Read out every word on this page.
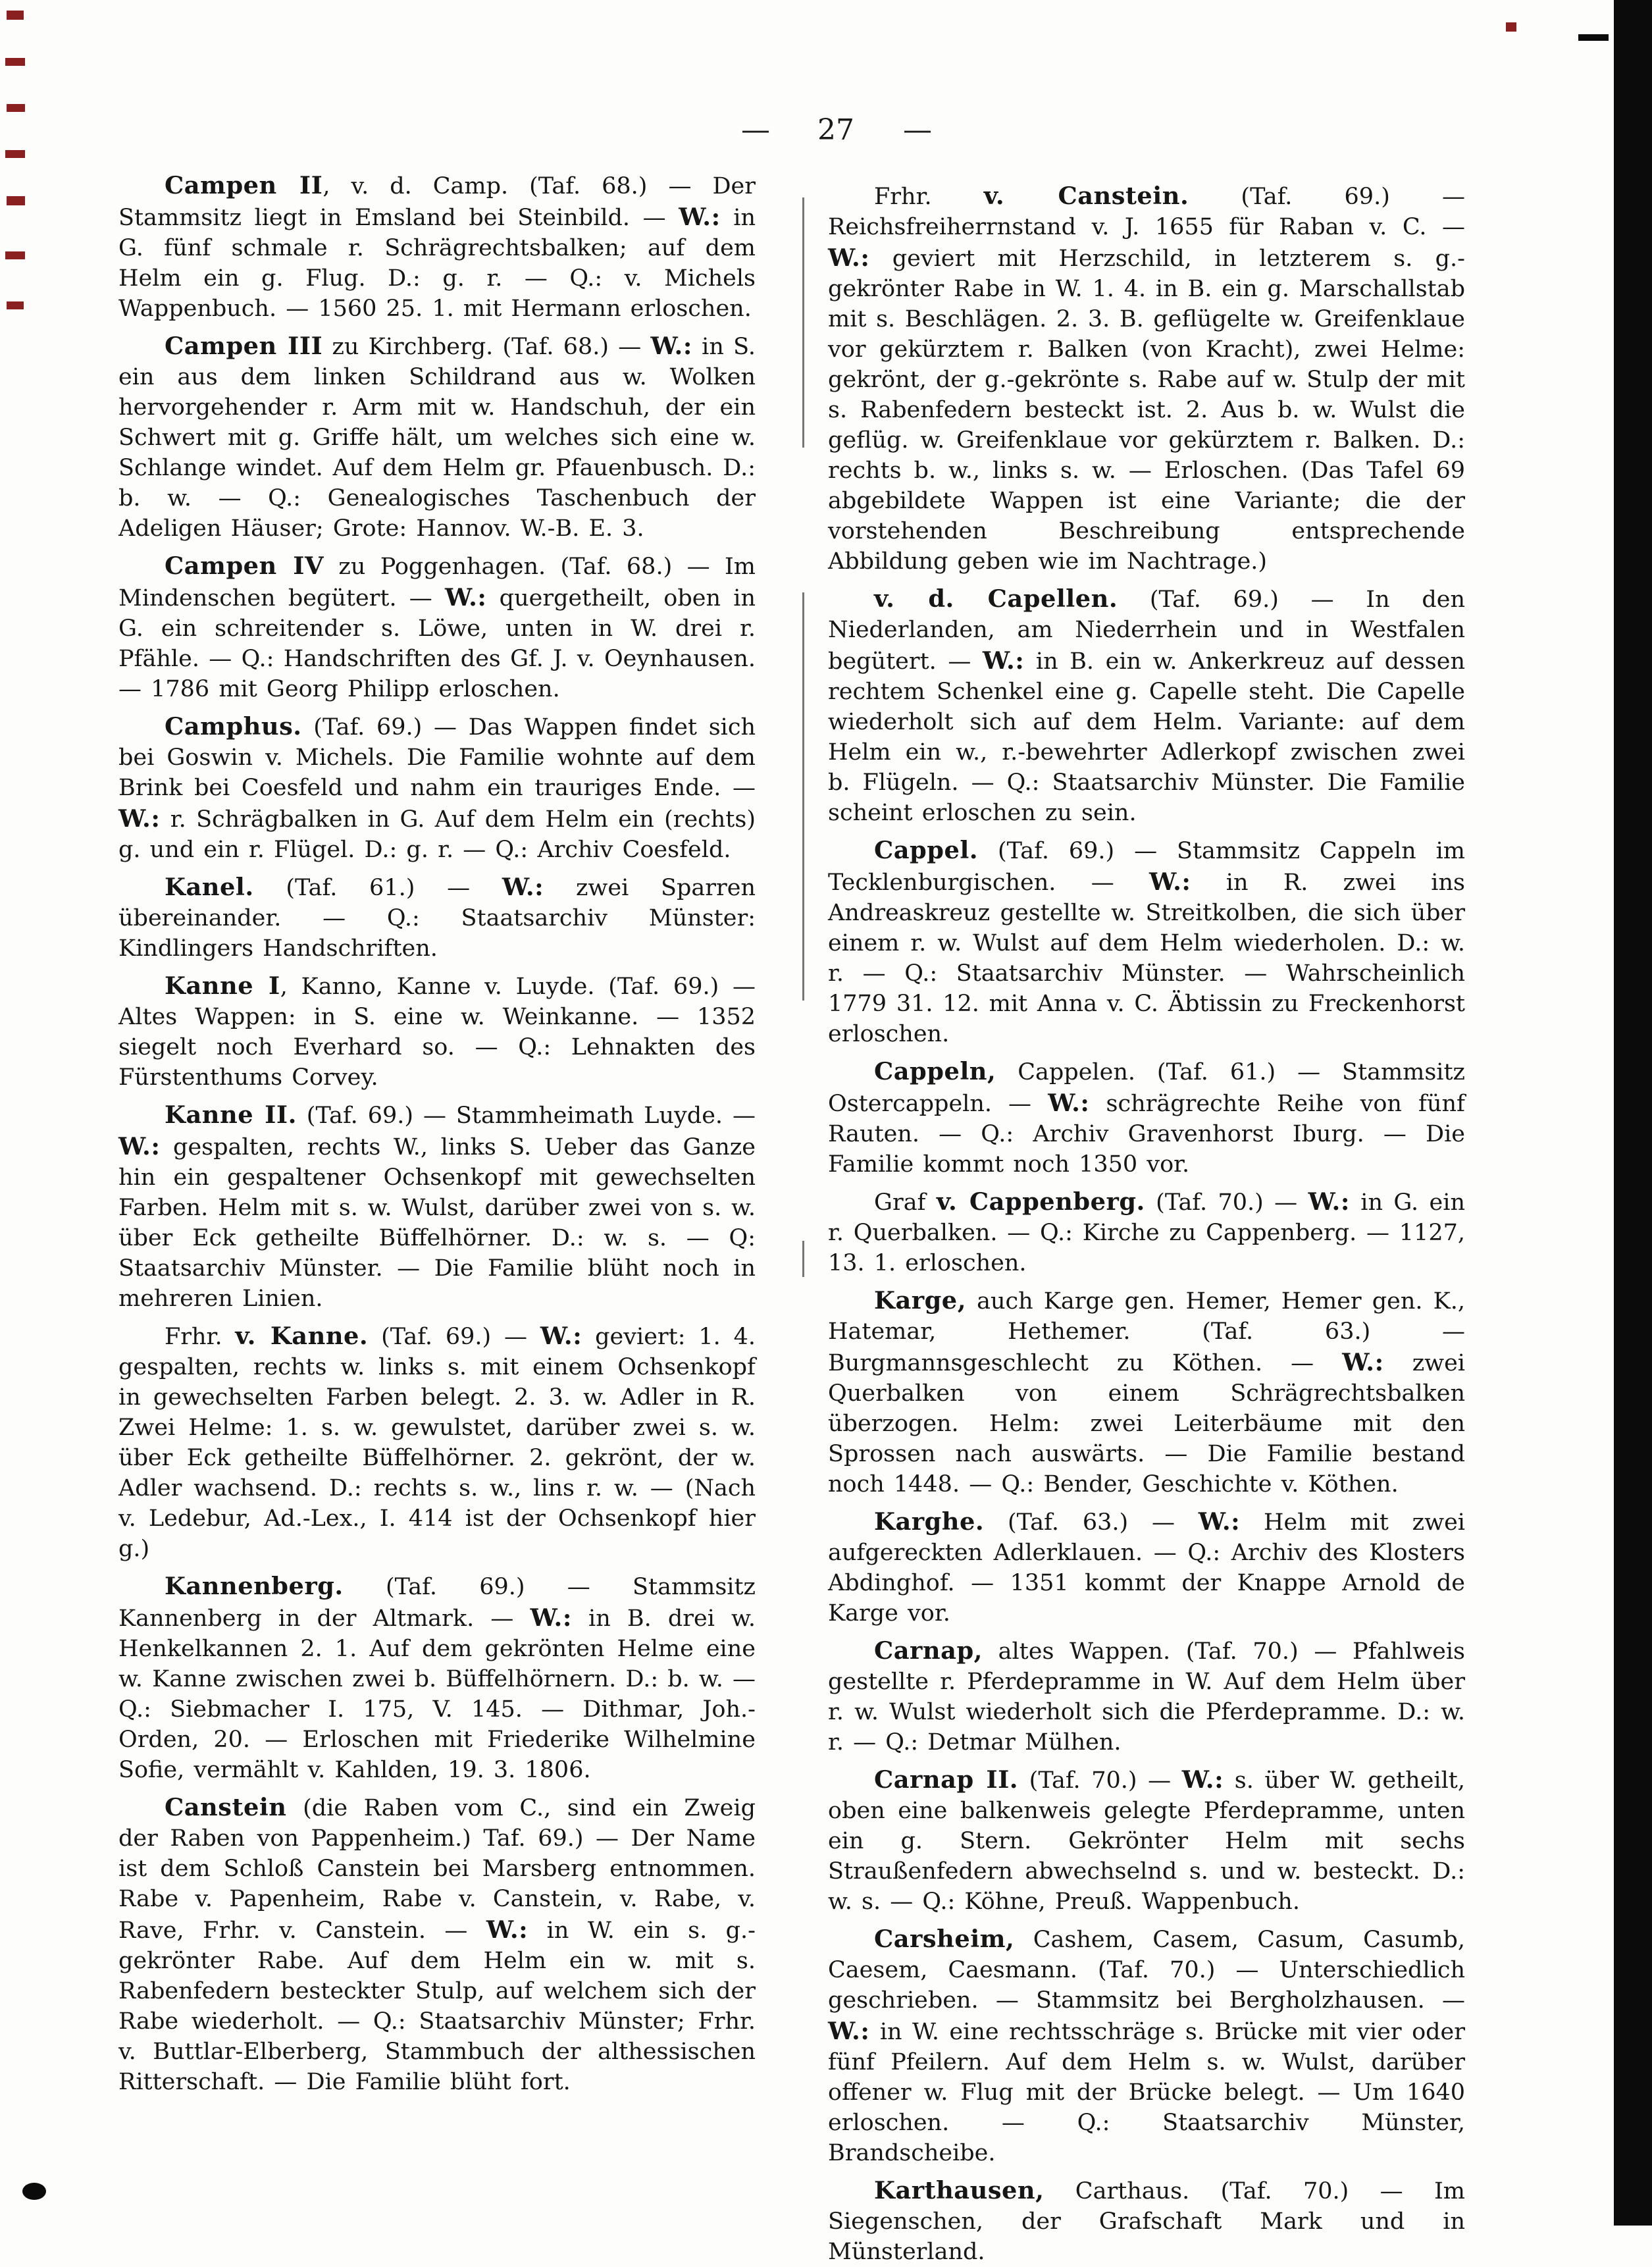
— 27 —

Campen II, v. d. Camp. (Taf. 68.) — Der Stammsitz liegt in Emsland bei Steinbild. — W.: in G. fünf schmale r. Schrägrechtsbalken; auf dem Helm ein g. Flug. D.: g. r. — Q.: v. Michels Wappenbuch. — 1560 25. 1. mit Hermann erloschen.

Campen III zu Kirchberg. (Taf. 68.) — W.: in S. ein aus dem linken Schildrand aus w. Wolken hervorgehender r. Arm mit w. Handschuh, der ein Schwert mit g. Griffe hält, um welches sich eine w. Schlange windet. Auf dem Helm gr. Pfauenbusch. D.: b. w. — Q.: Genealogisches Taschenbuch der Adeligen Häuser; Grote: Hannov. W.-B. E. 3.

Campen IV zu Poggenhagen. (Taf. 68.) — Im Mindenschen begütert. — W.: quergetheilt, oben in G. ein schreitender s. Löwe, unten in W. drei r. Pfähle. — Q.: Handschriften des Gf. J. v. Oeynhausen. — 1786 mit Georg Philipp erloschen.

Camphus. (Taf. 69.) — Das Wappen findet sich bei Goswin v. Michels. Die Familie wohnte auf dem Brink bei Coesfeld und nahm ein trauriges Ende. — W.: r. Schrägbalken in G. Auf dem Helm ein (rechts) g. und ein r. Flügel. D.: g. r. — Q.: Archiv Coesfeld.

Kanel. (Taf. 61.) — W.: zwei Sparren übereinander. — Q.: Staatsarchiv Münster: Kindlingers Handschriften.

Kanne I, Kanno, Kanne v. Luyde. (Taf. 69.) — Altes Wappen: in S. eine w. Weinkanne. — 1352 siegelt noch Everhard so. — Q.: Lehnakten des Fürstenthums Corvey.

Kanne II. (Taf. 69.) — Stammheimath Luyde. — W.: gespalten, rechts W., links S. Ueber das Ganze hin ein gespaltener Ochsenkopf mit gewechselten Farben. Helm mit s. w. Wulst, darüber zwei von s. w. über Eck getheilte Büffelhörner. D.: w. s. — Q: Staatsarchiv Münster. — Die Familie blüht noch in mehreren Linien.

Frhr. v. Kanne. (Taf. 69.) — W.: geviert: 1. 4. gespalten, rechts w. links s. mit einem Ochsenkopf in gewechselten Farben belegt. 2. 3. w. Adler in R. Zwei Helme: 1. s. w. gewulstet, darüber zwei s. w. über Eck getheilte Büffelhörner. 2. gekrönt, der w. Adler wachsend. D.: rechts s. w., lins r. w. — (Nach v. Ledebur, Ad.-Lex., I. 414 ist der Ochsenkopf hier g.)

Kannenberg. (Taf. 69.) — Stammsitz Kannenberg in der Altmark. — W.: in B. drei w. Henkelkannen 2. 1. Auf dem gekrönten Helme eine w. Kanne zwischen zwei b. Büffelhörnern. D.: b. w. — Q.: Siebmacher I. 175, V. 145. — Dithmar, Joh.-Orden, 20. — Erloschen mit Friederike Wilhelmine Sofie, vermählt v. Kahlden, 19. 3. 1806.

Canstein (die Raben vom C., sind ein Zweig der Raben von Pappenheim.) Taf. 69.) — Der Name ist dem Schloß Canstein bei Marsberg entnommen. Rabe v. Papenheim, Rabe v. Canstein, v. Rabe, v. Rave, Frhr. v. Canstein. — W.: in W. ein s. g.-gekrönter Rabe. Auf dem Helm ein w. mit s. Rabenfedern besteckter Stulp, auf welchem sich der Rabe wiederholt. — Q.: Staatsarchiv Münster; Frhr. v. Buttlar-Elberberg, Stammbuch der althessischen Ritterschaft. — Die Familie blüht fort.

Frhr. v. Canstein. (Taf. 69.) — Reichsfreiherrnstand v. J. 1655 für Raban v. C. — W.: geviert mit Herzschild, in letzterem s. g.-gekrönter Rabe in W. 1. 4. in B. ein g. Marschallstab mit s. Beschlägen. 2. 3. B. geflügelte w. Greifenklaue vor gekürztem r. Balken (von Kracht), zwei Helme: gekrönt, der g.-gekrönte s. Rabe auf w. Stulp der mit s. Rabenfedern besteckt ist. 2. Aus b. w. Wulst die geflüg. w. Greifenklaue vor gekürztem r. Balken. D.: rechts b. w., links s. w. — Erloschen. (Das Tafel 69 abgebildete Wappen ist eine Variante; die der vorstehenden Beschreibung entsprechende Abbildung geben wie im Nachtrage.)

v. d. Capellen. (Taf. 69.) — In den Niederlanden, am Niederrhein und in Westfalen begütert. — W.: in B. ein w. Ankerkreuz auf dessen rechtem Schenkel eine g. Capelle steht. Die Capelle wiederholt sich auf dem Helm. Variante: auf dem Helm ein w., r.-bewehrter Adlerkopf zwischen zwei b. Flügeln. — Q.: Staatsarchiv Münster. Die Familie scheint erloschen zu sein.

Cappel. (Taf. 69.) — Stammsitz Cappeln im Tecklenburgischen. — W.: in R. zwei ins Andreaskreuz gestellte w. Streitkolben, die sich über einem r. w. Wulst auf dem Helm wiederholen. D.: w. r. — Q.: Staatsarchiv Münster. — Wahrscheinlich 1779 31. 12. mit Anna v. C. Äbtissin zu Freckenhorst erloschen.

Cappeln, Cappelen. (Taf. 61.) — Stammsitz Ostercappeln. — W.: schrägrechte Reihe von fünf Rauten. — Q.: Archiv Gravenhorst Iburg. — Die Familie kommt noch 1350 vor.

Graf v. Cappenberg. (Taf. 70.) — W.: in G. ein r. Querbalken. — Q.: Kirche zu Cappenberg. — 1127, 13. 1. erloschen.

Karge, auch Karge gen. Hemer, Hemer gen. K., Hatemar, Hethemer. (Taf. 63.) — Burgmannsgeschlecht zu Köthen. — W.: zwei Querbalken von einem Schrägrechtsbalken überzogen. Helm: zwei Leiterbäume mit den Sprossen nach auswärts. — Die Familie bestand noch 1448. — Q.: Bender, Geschichte v. Köthen.

Karghe. (Taf. 63.) — W.: Helm mit zwei aufgereckten Adlerklauen. — Q.: Archiv des Klosters Abdinghof. — 1351 kommt der Knappe Arnold de Karge vor.

Carnap, altes Wappen. (Taf. 70.) — Pfahlweis gestellte r. Pferdepramme in W. Auf dem Helm über r. w. Wulst wiederholt sich die Pferdepramme. D.: w. r. — Q.: Detmar Mülhen.

Carnap II. (Taf. 70.) — W.: s. über W. getheilt, oben eine balkenweis gelegte Pferdepramme, unten ein g. Stern. Gekrönter Helm mit sechs Straußenfedern abwechselnd s. und w. besteckt. D.: w. s. — Q.: Köhne, Preuß. Wappenbuch.

Carsheim, Cashem, Casem, Casum, Casumb, Caesem, Caesmann. (Taf. 70.) — Unterschiedlich geschrieben. — Stammsitz bei Bergholzhausen. — W.: in W. eine rechtsschräge s. Brücke mit vier oder fünf Pfeilern. Auf dem Helm s. w. Wulst, darüber offener w. Flug mit der Brücke belegt. — Um 1640 erloschen. — Q.: Staatsarchiv Münster, Brandscheibe.

Karthausen, Carthaus. (Taf. 70.) — Im Siegenschen, der Grafschaft Mark und in Münsterland.
